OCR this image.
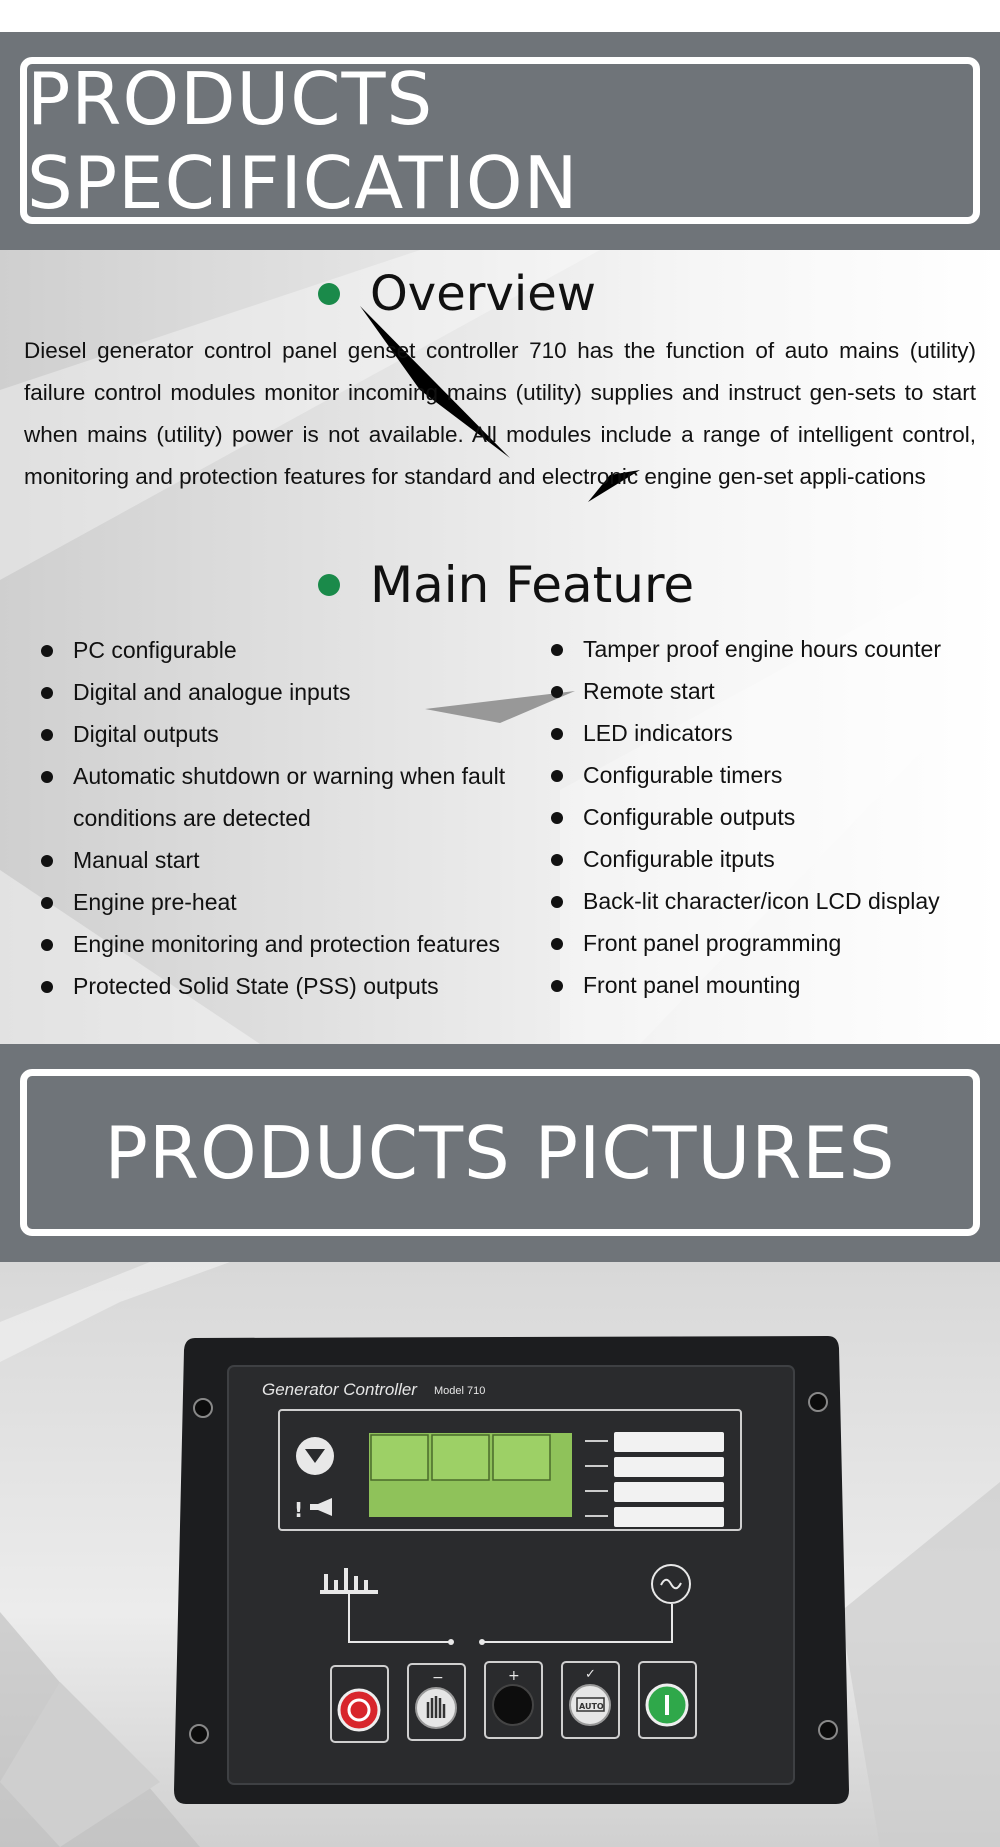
PRODUCTS SPECIFICATION
Overview
Diesel generator control panel genset controller 710 has the function of auto mains (utility) failure control modules monitor incoming mains (utility) supplies and instruct gen-sets to start when mains (utility) power is not available. All modules include a range of intelligent control, monitoring and protection features for standard and electronic engine gen-set appli-cations
Main Feature
PC configurable
Digital and analogue inputs
Digital outputs
Automatic shutdown or warning when fault conditions are detected
Manual start
Engine pre-heat
Engine monitoring and protection features
Protected Solid State (PSS) outputs
Tamper proof engine hours counter
Remote start
LED indicators
Configurable timers
Configurable outputs
Configurable itputs
Back-lit character/icon LCD display
Front panel programming
Front panel mounting
PRODUCTS PICTURES
Generator Controller Model 710
!
−	+	✓
AUTO
